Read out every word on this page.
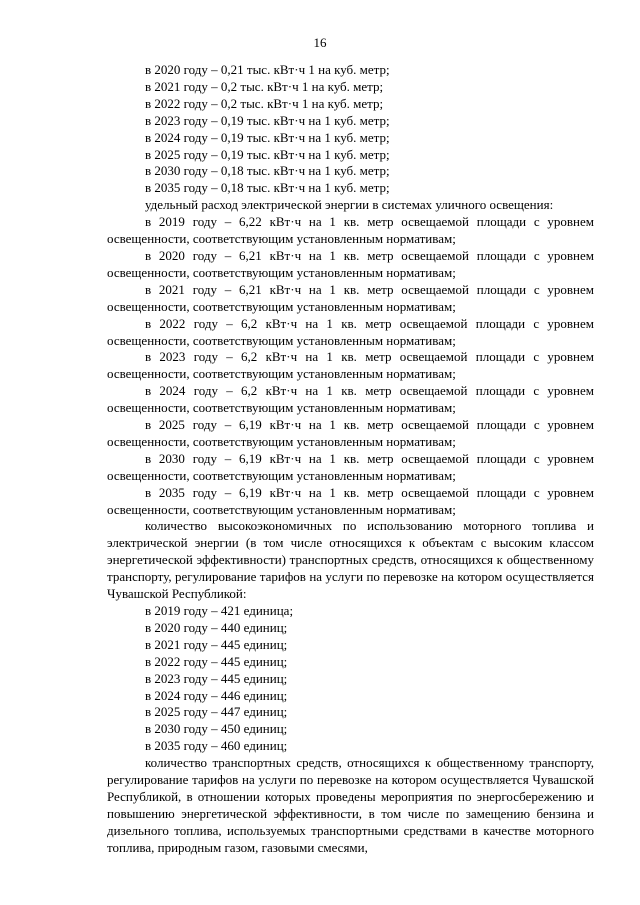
16
в 2020 году – 0,21 тыс. кВт·ч 1 на куб. метр;
в 2021 году – 0,2 тыс. кВт·ч 1 на куб. метр;
в 2022 году – 0,2 тыс. кВт·ч 1 на куб. метр;
в 2023 году – 0,19 тыс. кВт·ч на 1 куб. метр;
в 2024 году – 0,19 тыс. кВт·ч на 1 куб. метр;
в 2025 году – 0,19 тыс. кВт·ч на 1 куб. метр;
в 2030 году – 0,18 тыс. кВт·ч на 1 куб. метр;
в 2035 году – 0,18 тыс. кВт·ч на 1 куб. метр;

удельный расход электрической энергии в системах уличного освещения:

в 2019 году – 6,22 кВт·ч на 1 кв. метр освещаемой площади с уровнем освещенности, соответствующим установленным нормативам;

в 2020 году – 6,21 кВт·ч на 1 кв. метр освещаемой площади с уровнем освещенности, соответствующим установленным нормативам;

в 2021 году – 6,21 кВт·ч на 1 кв. метр освещаемой площади с уровнем освещенности, соответствующим установленным нормативам;

в 2022 году – 6,2 кВт·ч на 1 кв. метр освещаемой площади с уровнем освещенности, соответствующим установленным нормативам;

в 2023 году – 6,2 кВт·ч на 1 кв. метр освещаемой площади с уровнем освещенности, соответствующим установленным нормативам;

в 2024 году – 6,2 кВт·ч на 1 кв. метр освещаемой площади с уровнем освещенности, соответствующим установленным нормативам;

в 2025 году – 6,19 кВт·ч на 1 кв. метр освещаемой площади с уровнем освещенности, соответствующим установленным нормативам;

в 2030 году – 6,19 кВт·ч на 1 кв. метр освещаемой площади с уровнем освещенности, соответствующим установленным нормативам;

в 2035 году – 6,19 кВт·ч на 1 кв. метр освещаемой площади с уровнем освещенности, соответствующим установленным нормативам;

количество высокоэкономичных по использованию моторного топлива и электрической энергии (в том числе относящихся к объектам с высоким классом энергетической эффективности) транспортных средств, относящихся к общественному транспорту, регулирование тарифов на услуги по перевозке на котором осуществляется Чувашской Республикой:

в 2019 году – 421 единица;
в 2020 году – 440 единиц;
в 2021 году – 445 единиц;
в 2022 году – 445 единиц;
в 2023 году – 445 единиц;
в 2024 году – 446 единиц;
в 2025 году – 447 единиц;
в 2030 году – 450 единиц;
в 2035 году – 460 единиц;

количество транспортных средств, относящихся к общественному транспорту, регулирование тарифов на услуги по перевозке на котором осуществляется Чувашской Республикой, в отношении которых проведены мероприятия по энергосбережению и повышению энергетической эффективности, в том числе по замещению бензина и дизельного топлива, используемых транспортными средствами в качестве моторного топлива, природным газом, газовыми смесями,
